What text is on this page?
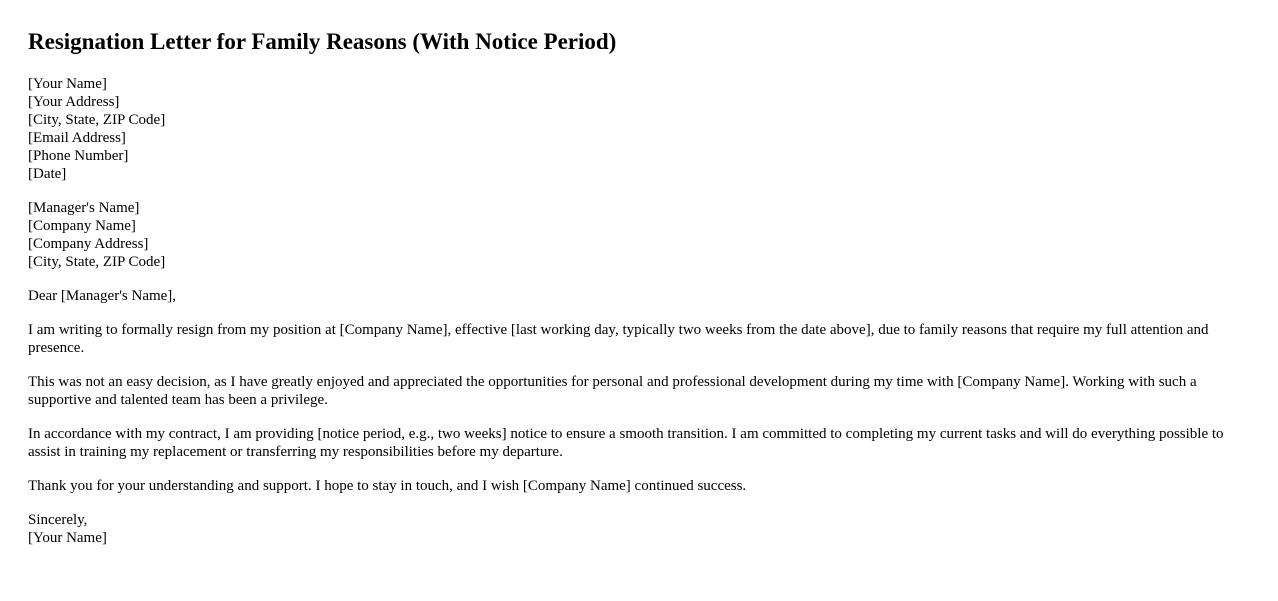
Resignation Letter for Family Reasons (With Notice Period)
[Your Name]
[Your Address]
[City, State, ZIP Code]
[Email Address]
[Phone Number]
[Date]
[Manager's Name]
[Company Name]
[Company Address]
[City, State, ZIP Code]

Dear [Manager's Name],

I am writing to formally resign from my position at [Company Name], effective [last working day, typically two weeks from the date above], due to family reasons that require my full attention and presence.

This was not an easy decision, as I have greatly enjoyed and appreciated the opportunities for personal and professional development during my time with [Company Name]. Working with such a supportive and talented team has been a privilege.

In accordance with my contract, I am providing [notice period, e.g., two weeks] notice to ensure a smooth transition. I am committed to completing my current tasks and will do everything possible to assist in training my replacement or transferring my responsibilities before my departure.

Thank you for your understanding and support. I hope to stay in touch, and I wish [Company Name] continued success.

Sincerely,
[Your Name]
